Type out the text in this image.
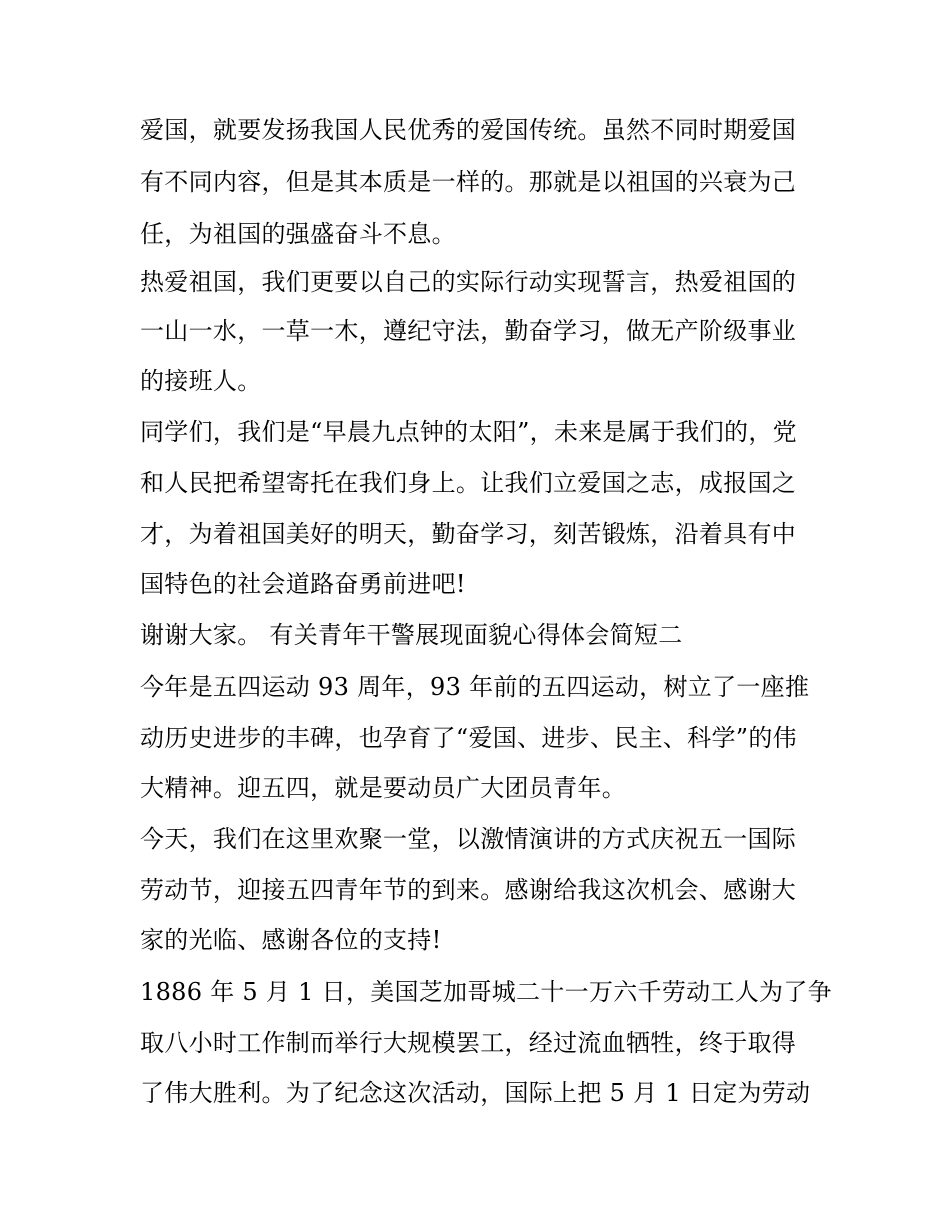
爱国，就要发扬我国人民优秀的爱国传统。虽然不同时期爱国
有不同内容，但是其本质是一样的。那就是以祖国的兴衰为己
任，为祖国的强盛奋斗不息。
热爱祖国，我们更要以自己的实际行动实现誓言，热爱祖国的
一山一水，一草一木，遵纪守法，勤奋学习，做无产阶级事业
的接班人。
同学们，我们是“早晨九点钟的太阳”，未来是属于我们的，党
和人民把希望寄托在我们身上。让我们立爱国之志，成报国之
才，为着祖国美好的明天，勤奋学习，刻苦锻炼，沿着具有中
国特色的社会道路奋勇前进吧!
谢谢大家。 有关青年干警展现面貌心得体会简短二
今年是五四运动 93 周年，93 年前的五四运动，树立了一座推
动历史进步的丰碑，也孕育了“爱国、进步、民主、科学”的伟
大精神。迎五四，就是要动员广大团员青年。
今天，我们在这里欢聚一堂，以激情演讲的方式庆祝五一国际
劳动节，迎接五四青年节的到来。感谢给我这次机会、感谢大
家的光临、感谢各位的支持!
1886 年 5 月 1 日，美国芝加哥城二十一万六千劳动工人为了争
取八小时工作制而举行大规模罢工，经过流血牺牲，终于取得
了伟大胜利。为了纪念这次活动，国际上把 5 月 1 日定为劳动
